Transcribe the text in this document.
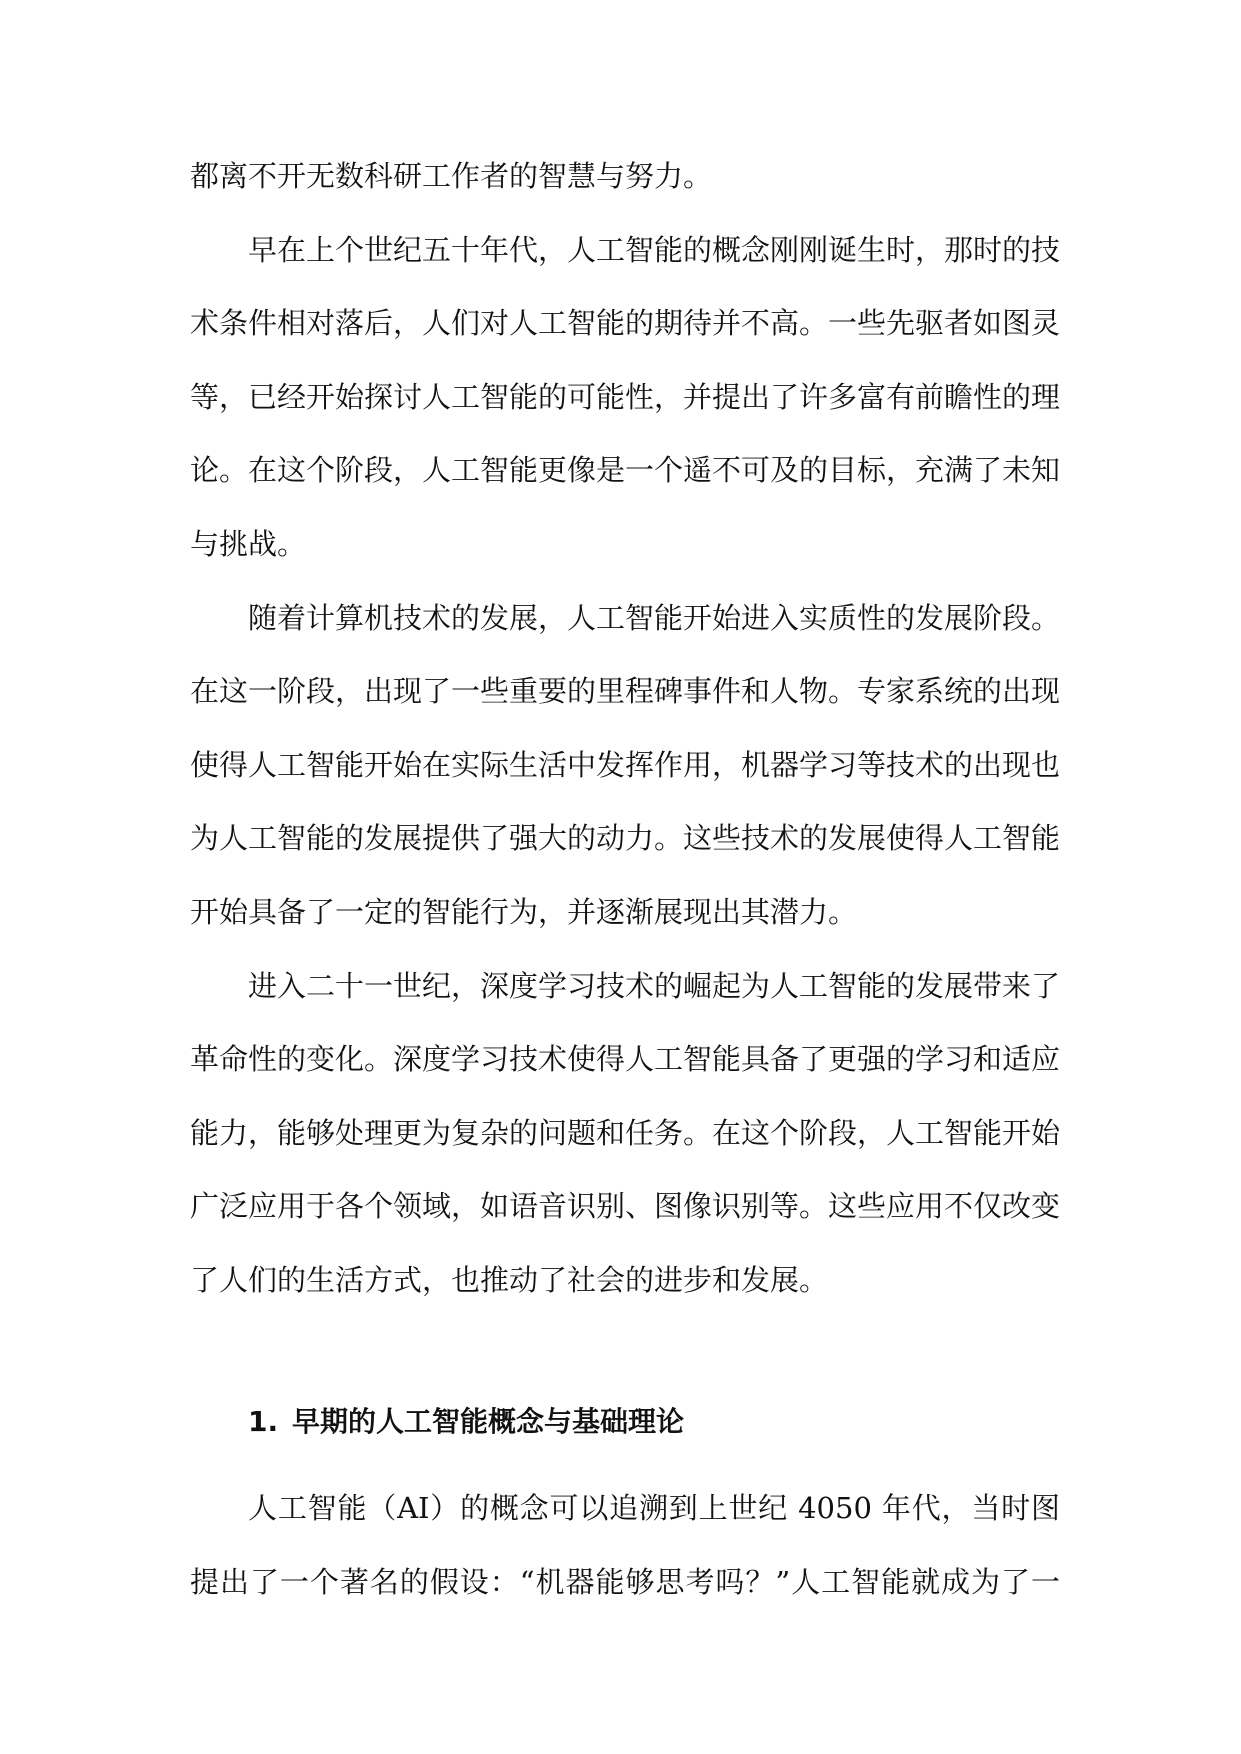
都离不开无数科研工作者的智慧与努力。
早在上个世纪五十年代，人工智能的概念刚刚诞生时，那时的技
术条件相对落后，人们对人工智能的期待并不高。一些先驱者如图灵
等，已经开始探讨人工智能的可能性，并提出了许多富有前瞻性的理
论。在这个阶段，人工智能更像是一个遥不可及的目标，充满了未知
与挑战。
随着计算机技术的发展，人工智能开始进入实质性的发展阶段。
在这一阶段，出现了一些重要的里程碑事件和人物。专家系统的出现
使得人工智能开始在实际生活中发挥作用，机器学习等技术的出现也
为人工智能的发展提供了强大的动力。这些技术的发展使得人工智能
开始具备了一定的智能行为，并逐渐展现出其潜力。
进入二十一世纪，深度学习技术的崛起为人工智能的发展带来了
革命性的变化。深度学习技术使得人工智能具备了更强的学习和适应
能力，能够处理更为复杂的问题和任务。在这个阶段，人工智能开始
广泛应用于各个领域，如语音识别、图像识别等。这些应用不仅改变
了人们的生活方式，也推动了社会的进步和发展。
1. 早期的人工智能概念与基础理论
人工智能（AI）的概念可以追溯到上世纪 4050 年代，当时图
提出了一个著名的假设：“机器能够思考吗？”人工智能就成为了一
